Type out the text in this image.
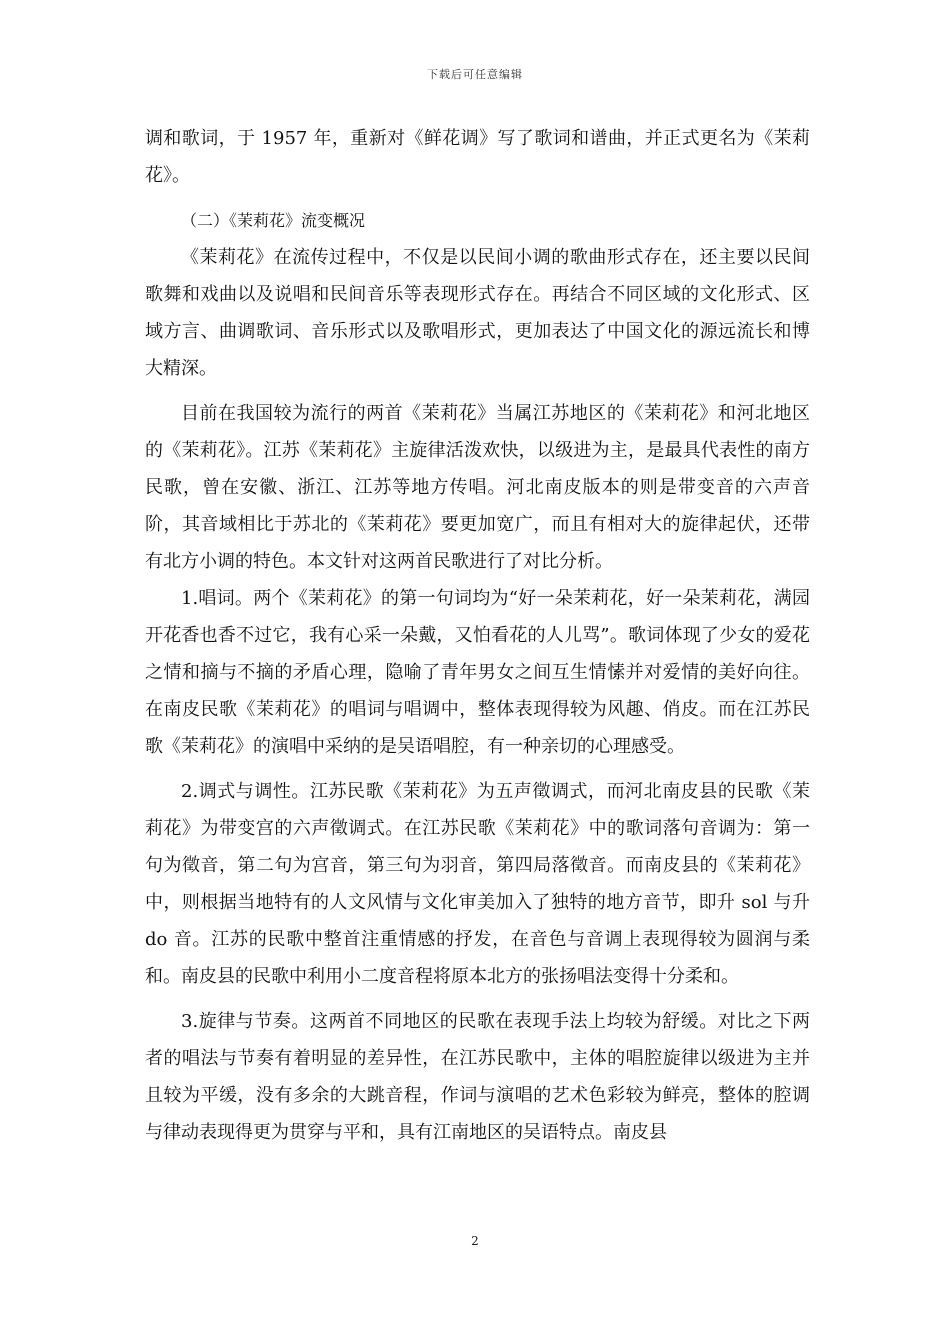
下载后可任意编辑

调和歌词，于 1957 年，重新对《鲜花调》写了歌词和谱曲，并正式更名为《茉莉花》。

（二）《茉莉花》流变概况

《茉莉花》在流传过程中，不仅是以民间小调的歌曲形式存在，还主要以民间歌舞和戏曲以及说唱和民间音乐等表现形式存在。再结合不同区域的文化形式、区域方言、曲调歌词、音乐形式以及歌唱形式，更加表达了中国文化的源远流长和博大精深。

目前在我国较为流行的两首《茉莉花》当属江苏地区的《茉莉花》和河北地区的《茉莉花》。江苏《茉莉花》主旋律活泼欢快，以级进为主，是最具代表性的南方民歌，曾在安徽、浙江、江苏等地方传唱。河北南皮版本的则是带变音的六声音阶，其音域相比于苏北的《茉莉花》要更加宽广，而且有相对大的旋律起伏，还带有北方小调的特色。本文针对这两首民歌进行了对比分析。

1.唱词。两个《茉莉花》的第一句词均为“好一朵茉莉花，好一朵茉莉花，满园开花香也香不过它，我有心采一朵戴，又怕看花的人儿骂”。歌词体现了少女的爱花之情和摘与不摘的矛盾心理，隐喻了青年男女之间互生情愫并对爱情的美好向往。在南皮民歌《茉莉花》的唱词与唱调中，整体表现得较为风趣、俏皮。而在江苏民歌《茉莉花》的演唱中采纳的是吴语唱腔，有一种亲切的心理感受。

2.调式与调性。江苏民歌《茉莉花》为五声徵调式，而河北南皮县的民歌《茉莉花》为带变宫的六声徵调式。在江苏民歌《茉莉花》中的歌词落句音调为：第一句为徵音，第二句为宫音，第三句为羽音，第四局落徵音。而南皮县的《茉莉花》中，则根据当地特有的人文风情与文化审美加入了独特的地方音节，即升 sol 与升 do 音。江苏的民歌中整首注重情感的抒发，在音色与音调上表现得较为圆润与柔和。南皮县的民歌中利用小二度音程将原本北方的张扬唱法变得十分柔和。

3.旋律与节奏。这两首不同地区的民歌在表现手法上均较为舒缓。对比之下两者的唱法与节奏有着明显的差异性，在江苏民歌中，主体的唱腔旋律以级进为主并且较为平缓，没有多余的大跳音程，作词与演唱的艺术色彩较为鲜亮，整体的腔调与律动表现得更为贯穿与平和，具有江南地区的吴语特点。南皮县

2
